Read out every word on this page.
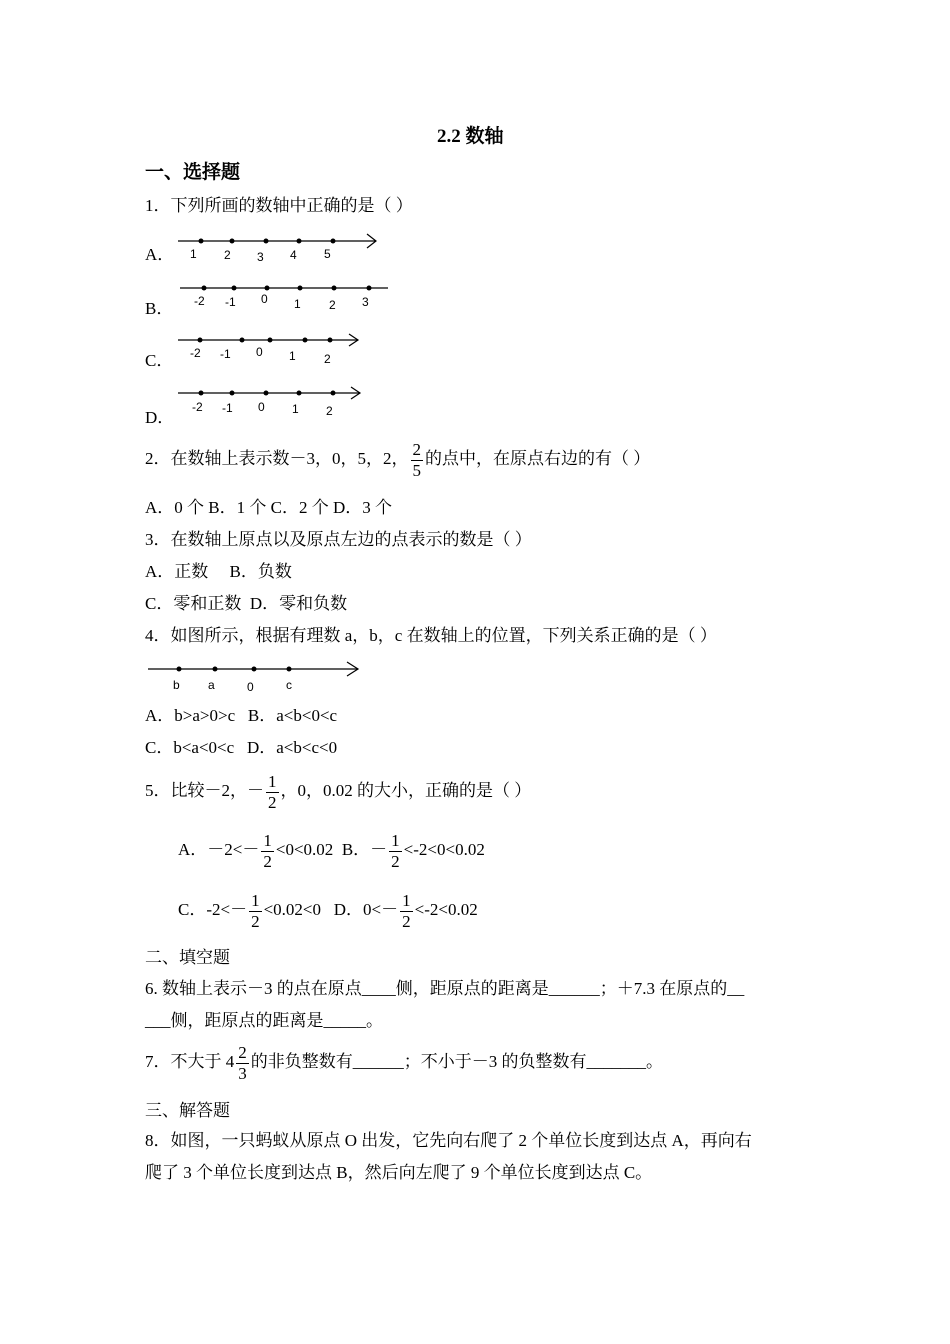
2.2 数轴
一、选择题
1．下列所画的数轴中正确的是（ ）
A． 1 2 3 4 5
B． -2 -1 0 1 2 3
C． -2 -1 0 1 2
D．
-2 -1 0 1 2
2．在数轴上表示数－3，0，5，2， $\frac{2}{5}$ 的点中，在原点右边的有（ ）
A．0 个 B．1 个 C．2 个 D．3 个
3．在数轴上原点以及原点左边的点表示的数是（ ）
A．正数     B．负数
C．零和正数  D．零和负数
4．如图所示，根据有理数 a，b，c 在数轴上的位置，下列关系正确的是（ ）
b a	0	c
A．b>a>0>c   B．a<b<0<c
C．b<a<0<c   D．a<b<c<0
5．比较－2，－ $\frac{1}{2}$ ，0，0.02 的大小，正确的是（ ）
A．$-2<- \frac{1}{2} <0<0.02$ B．－ $\frac{1}{2} <-2<0<0.02$
C．$-2<- \frac{1}{2} <0.02<0$ D．$0<- \frac{1}{2} <-2<0.02$
二、填空题
6. 数轴上表示－3 的点在原点____侧，距原点的距离是______；＋7.3 在原点的__
___侧，距原点的距离是_____。
7．不大于 $4 \frac{2}{3}$ 的非负整数有______；不小于－3 的负整数有_______。
三、解答题
8．如图，一只蚂蚁从原点 O 出发，它先向右爬了 2 个单位长度到达点 A，再向右
爬了 3 个单位长度到达点 B，然后向左爬了 9 个单位长度到达点 C。
